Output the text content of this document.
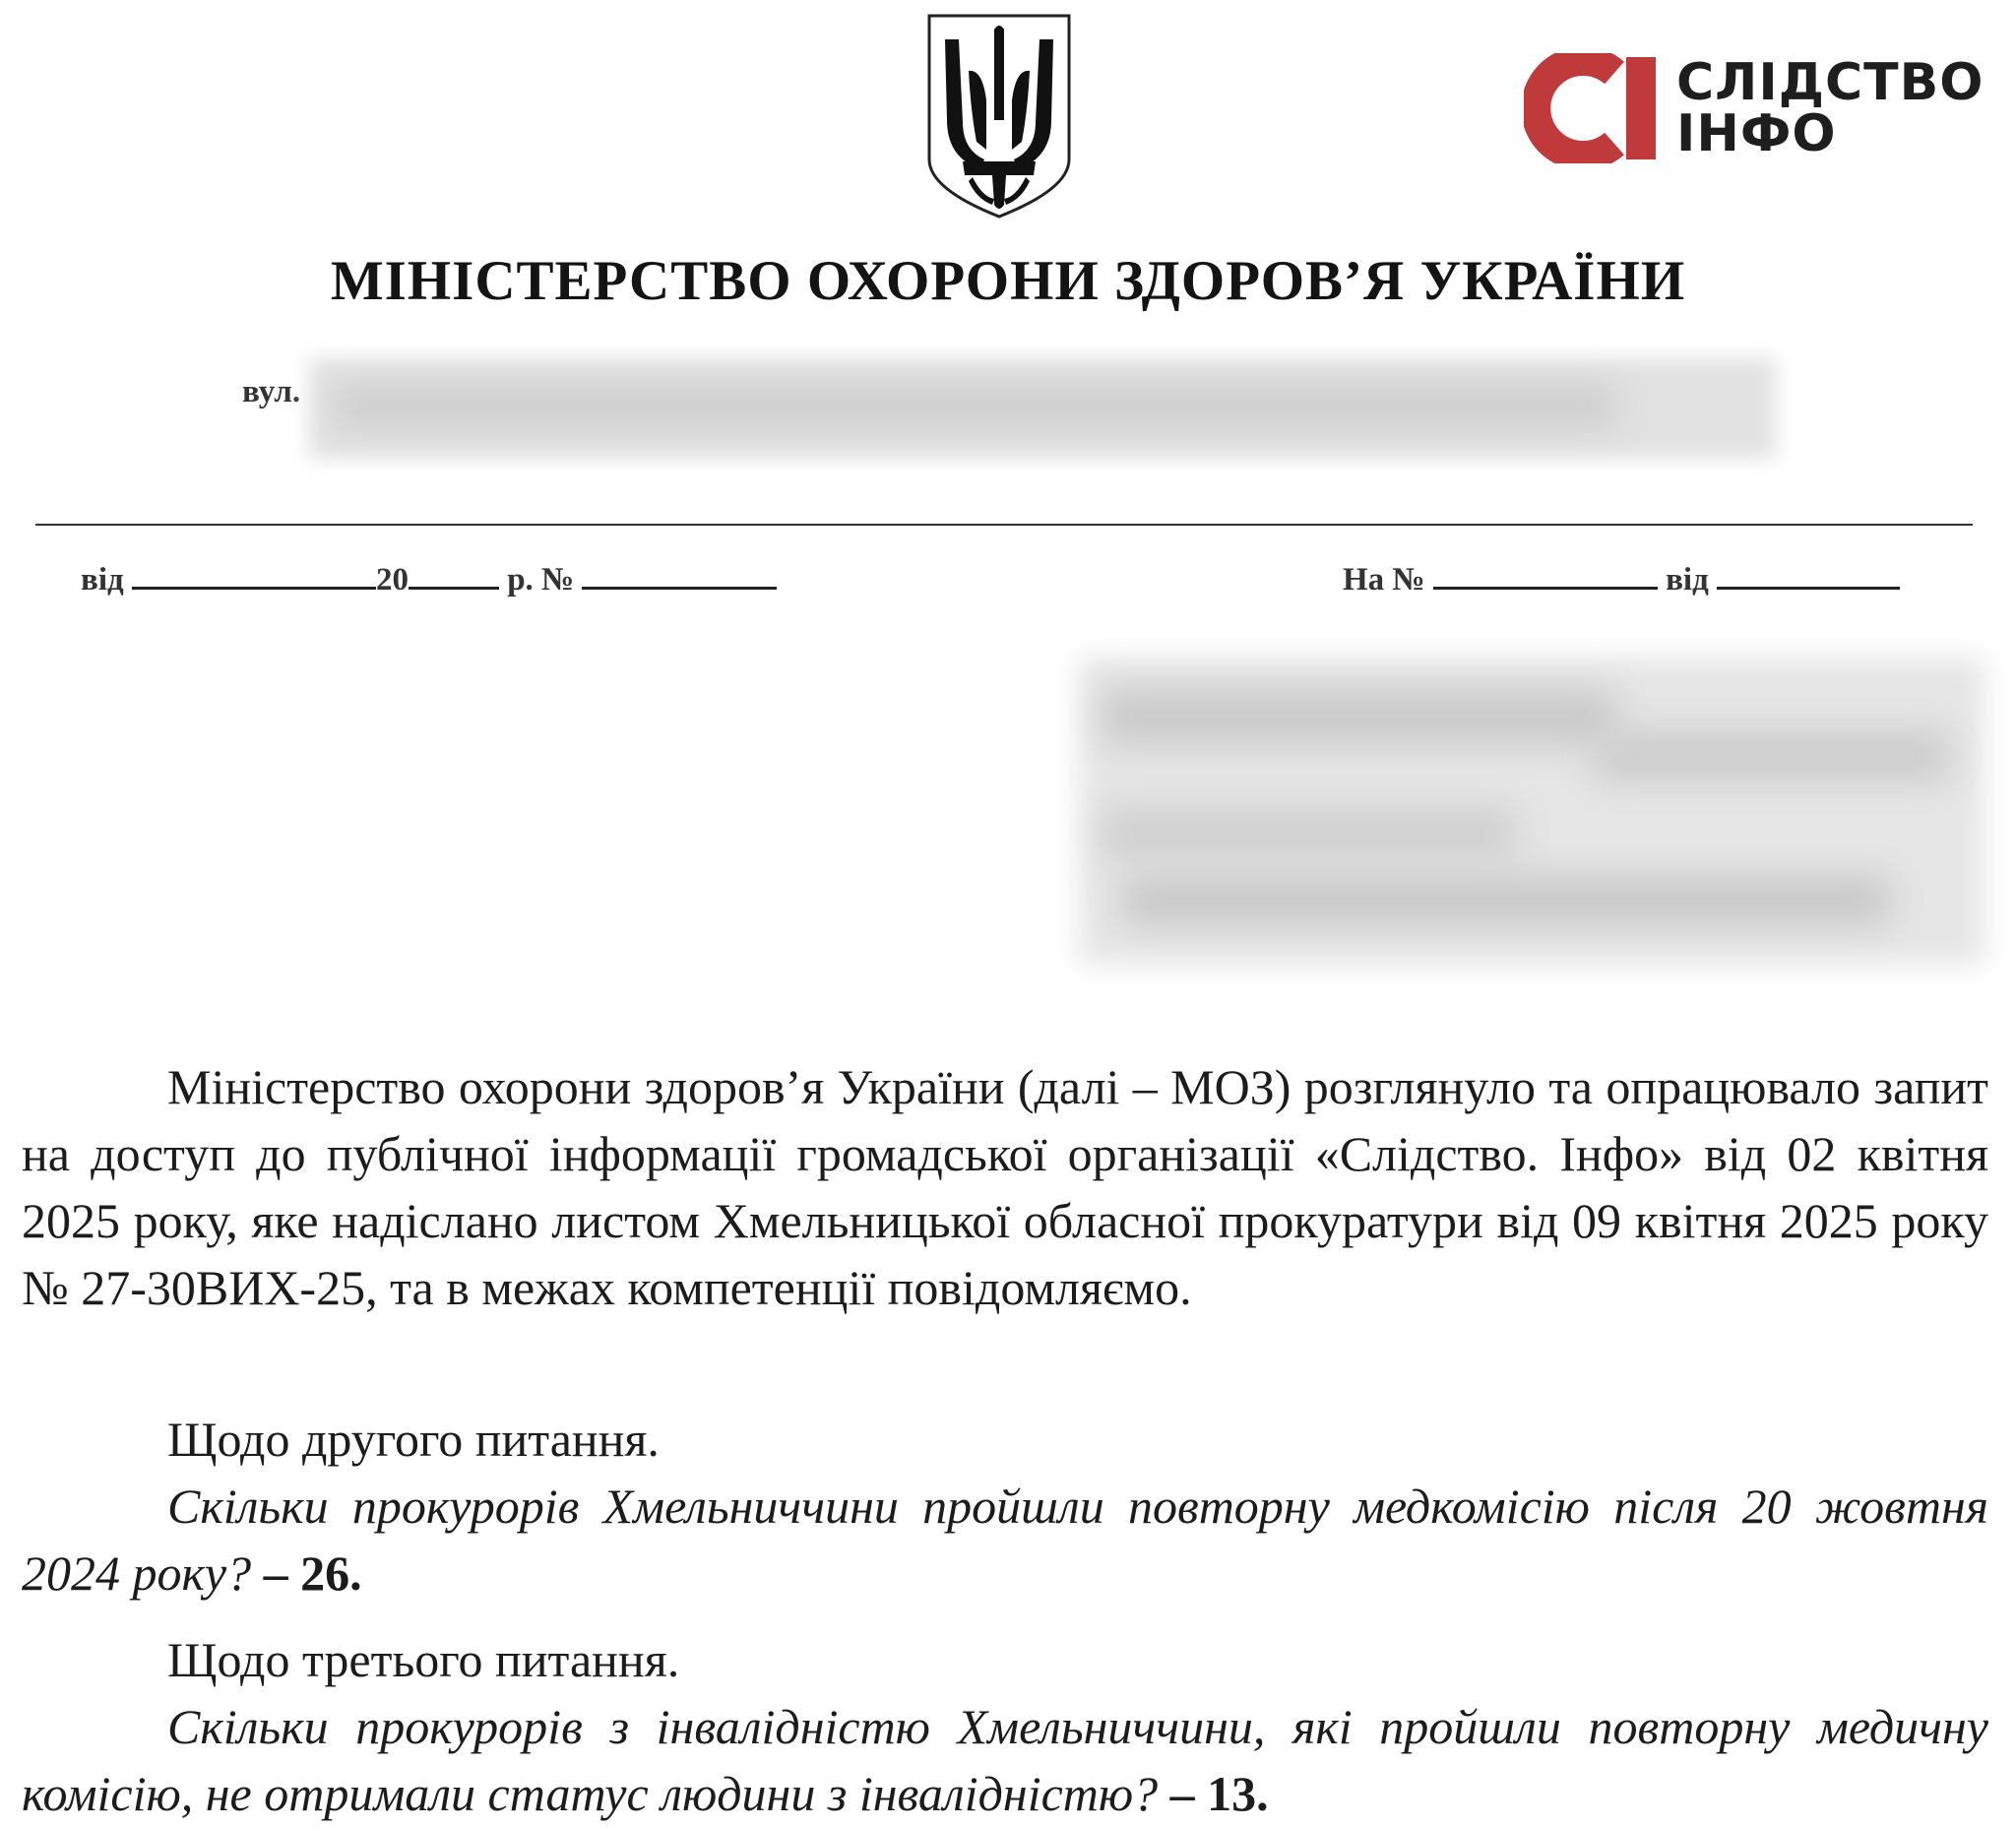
СЛІДСТВО
ІНФО
МІНІСТЕРСТВО ОХОРОНИ ЗДОРОВ’Я УКРАЇНИ
вул.
від	20	р. №	На №	від
Міністерство охорони здоров’я України (далі – МОЗ) розглянуло та опрацювало запит на доступ до публічної інформації громадської організації «Слідство. Інфо» від 02 квітня 2025 року, яке надіслано листом Хмельницької обласної прокуратури від 09 квітня 2025 року № 27-30ВИХ-25, та в межах компетенції повідомляємо.
Щодо другого питання.
Скільки прокурорів Хмельниччини пройшли повторну медкомісію після 20 жовтня 2024 року? – 26.
Щодо третього питання.
Скільки прокурорів з інвалідністю Хмельниччини, які пройшли повторну медичну комісію, не отримали статус людини з інвалідністю? – 13.
